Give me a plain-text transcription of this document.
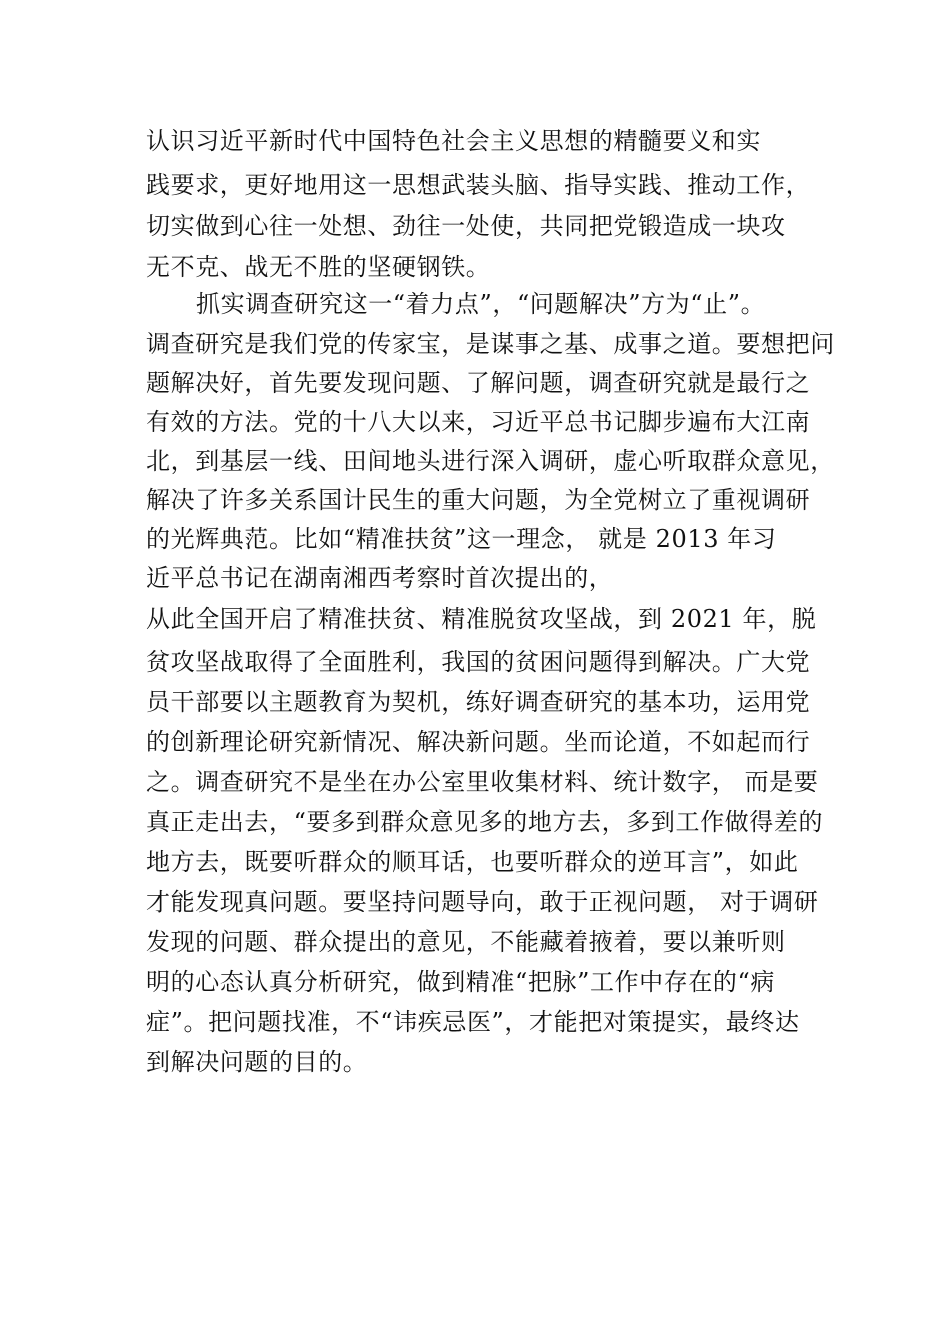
认识习近平新时代中国特色社会主义思想的精髓要义和实
践要求，更好地用这一思想武装头脑、指导实践、推动工作，
切实做到心往一处想、劲往一处使，共同把党锻造成一块攻
无不克、战无不胜的坚硬钢铁。
抓实调查研究这一“着力点”，“问题解决”方为“止”。
调查研究是我们党的传家宝，是谋事之基、成事之道。要想把问
题解决好，首先要发现问题、了解问题，调查研究就是最行之
有效的方法。党的十八大以来，习近平总书记脚步遍布大江南
北，到基层一线、田间地头进行深入调研，虚心听取群众意见，
解决了许多关系国计民生的重大问题，为全党树立了重视调研
的光辉典范。比如“精准扶贫”这一理念， 就是 2013 年习
近平总书记在湖南湘西考察时首次提出的，
从此全国开启了精准扶贫、精准脱贫攻坚战，到 2021 年，脱
贫攻坚战取得了全面胜利，我国的贫困问题得到解决。广大党
员干部要以主题教育为契机，练好调查研究的基本功，运用党
的创新理论研究新情况、解决新问题。坐而论道，不如起而行
之。调查研究不是坐在办公室里收集材料、统计数字， 而是要
真正走出去，“要多到群众意见多的地方去，多到工作做得差的
地方去，既要听群众的顺耳话，也要听群众的逆耳言”，如此
才能发现真问题。要坚持问题导向，敢于正视问题， 对于调研
发现的问题、群众提出的意见，不能藏着掖着，要以兼听则
明的心态认真分析研究，做到精准“把脉”工作中存在的“病
症”。把问题找准，不“讳疾忌医”，才能把对策提实，最终达
到解决问题的目的。
